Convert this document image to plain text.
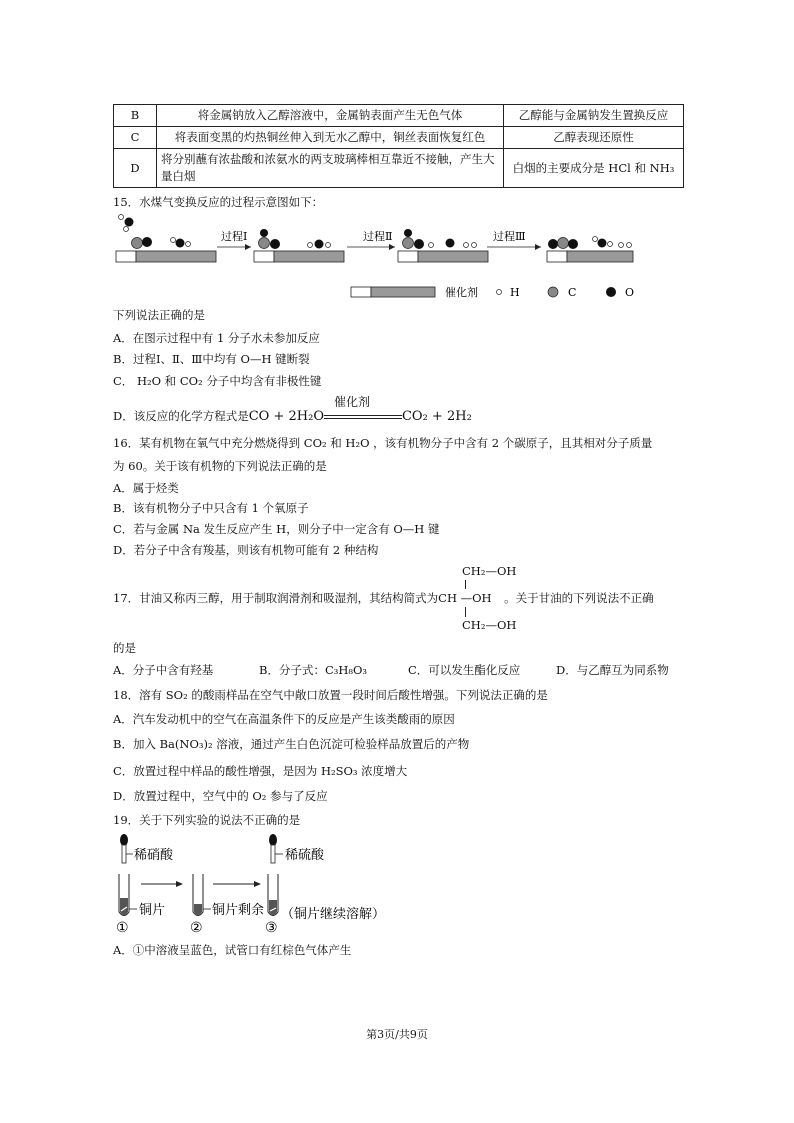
B	将金属钠放入乙醇溶液中，金属钠表面产生无色气体	乙醇能与金属钠发生置换反应
C	将表面变黑的灼热铜丝伸入到无水乙醇中，铜丝表面恢复红色	乙醇表现还原性
D	将分别蘸有浓盐酸和浓氨水的两支玻璃棒相互靠近不接触，产生大量白烟	白烟的主要成分是 HCl 和 NH₃
15．水煤气变换反应的过程示意图如下：
过程Ⅰ	过程Ⅱ	过程Ⅲ
催化剂	H	C	O
下列说法正确的是
A．在图示过程中有 1 分子水未参加反应
B．过程Ⅰ、Ⅱ、Ⅲ中均有 O—H 键断裂
C． H₂O 和 CO₂ 分子中均含有非极性键
D．该反应的化学方程式是CO + 2H₂O
催化剂
CO₂ + 2H₂
16．某有机物在氧气中充分燃烧得到 CO₂ 和 H₂O ，该有机物分子中含有 2 个碳原子，且其相对分子质量
为 60。关于该有机物的下列说法正确的是
A．属于烃类
B．该有机物分子中只含有 1 个氧原子
C．若与金属 Na 发生反应产生 H，则分子中一定含有 O—H 键
D．若分子中含有羧基，则该有机物可能有 2 种结构
CH₂—OH
17．甘油又称丙三醇，用于制取润滑剂和吸湿剂，其结构简式为CH —OH 。关于甘油的下列说法不正确
CH₂—OH
的是
A．分子中含有羟基	B．分子式：C₃H₈O₃	C．可以发生酯化反应	D．与乙醇互为同系物
18．溶有 SO₂ 的酸雨样品在空气中敞口放置一段时间后酸性增强。下列说法正确的是
A．汽车发动机中的空气在高温条件下的反应是产生该类酸雨的原因
B．加入 Ba(NO₃)₂ 溶液，通过产生白色沉淀可检验样品放置后的产物
C．放置过程中样品的酸性增强，是因为 H₂SO₃ 浓度增大
D．放置过程中，空气中的 O₂ 参与了反应
19．关于下列实验的说法不正确的是
稀硝酸
铜片
①
铜片剩余
②
稀硫酸
（铜片继续溶解）
③
A．①中溶液呈蓝色，试管口有红棕色气体产生
第3页/共9页
